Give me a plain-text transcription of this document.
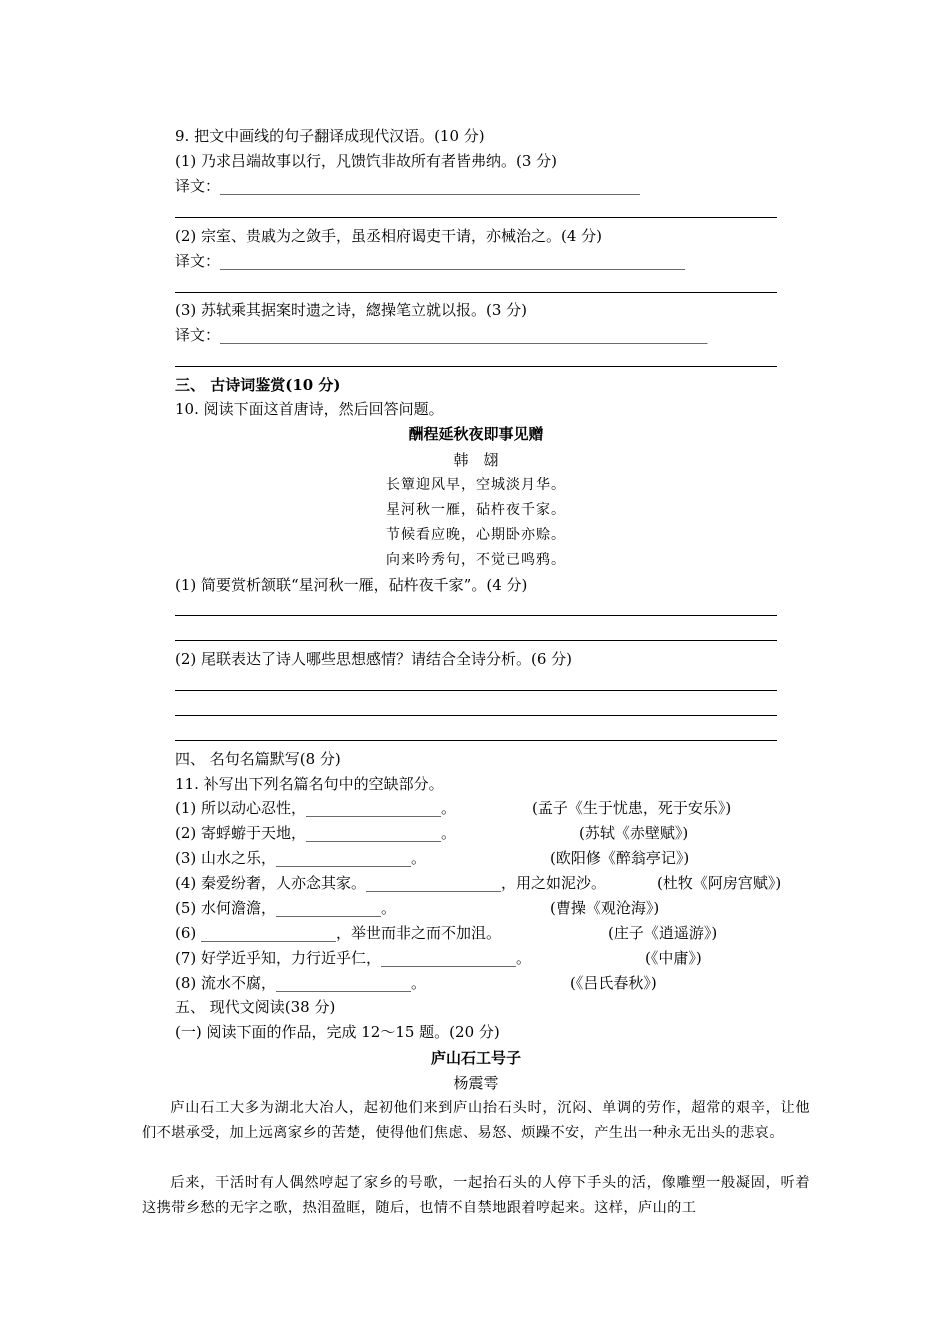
9. 把文中画线的句子翻译成现代汉语。(10 分)
(1) 乃求吕端故事以行，凡馈饩非故所有者皆弗纳。(3 分)
译文：________________________________________________________
(2) 宗室、贵戚为之敛手，虽丞相府谒吏干请，亦械治之。(4 分)
译文：______________________________________________________________
(3) 苏轼乘其据案时遗之诗，緫操笔立就以报。(3 分)
译文：_________________________________________________________________
三、 古诗词鉴赏(10 分)
10. 阅读下面这首唐诗，然后回答问题。
酬程延秋夜即事见赠
韩　翃
长簟迎风早，空城淡月华。
星河秋一雁，砧杵夜千家。
节候看应晚，心期卧亦赊。
向来吟秀句，不觉已鸣鸦。
(1) 简要赏析颔联“星河秋一雁，砧杵夜千家”。(4 分)
(2) 尾联表达了诗人哪些思想感情？请结合全诗分析。(6 分)
四、 名句名篇默写(8 分)
11. 补写出下列名篇名句中的空缺部分。
(1) 所以动心忍性，__________________。	(孟子《生于忧患，死于安乐》)
(2) 寄蜉蝣于天地，__________________。	(苏轼《赤壁赋》)
(3) 山水之乐，__________________。	(欧阳修《醉翁亭记》)
(4) 秦爱纷奢，人亦念其家。__________________，用之如泥沙。	(杜牧《阿房宫赋》)
(5) 水何澹澹，______________。	(曹操《观沧海》)
(6) __________________，举世而非之而不加沮。	(庄子《逍遥游》)
(7) 好学近乎知，力行近乎仁，__________________。	(《中庸》)
(8) 流水不腐，__________________。	(《吕氏春秋》)
五、 现代文阅读(38 分)
(一) 阅读下面的作品，完成 12～15 题。(20 分)
庐山石工号子
杨震雩
庐山石工大多为湖北大冶人，起初他们来到庐山抬石头时，沉闷、单调的劳作，超常的艰辛，让他们不堪承受，加上远离家乡的苦楚，使得他们焦虑、易怒、烦躁不安，产生出一种永无出头的悲哀。
后来，干活时有人偶然哼起了家乡的号歌，一起抬石头的人停下手头的活，像雕塑一般凝固，听着这携带乡愁的无字之歌，热泪盈眶，随后，也情不自禁地跟着哼起来。这样，庐山的工
